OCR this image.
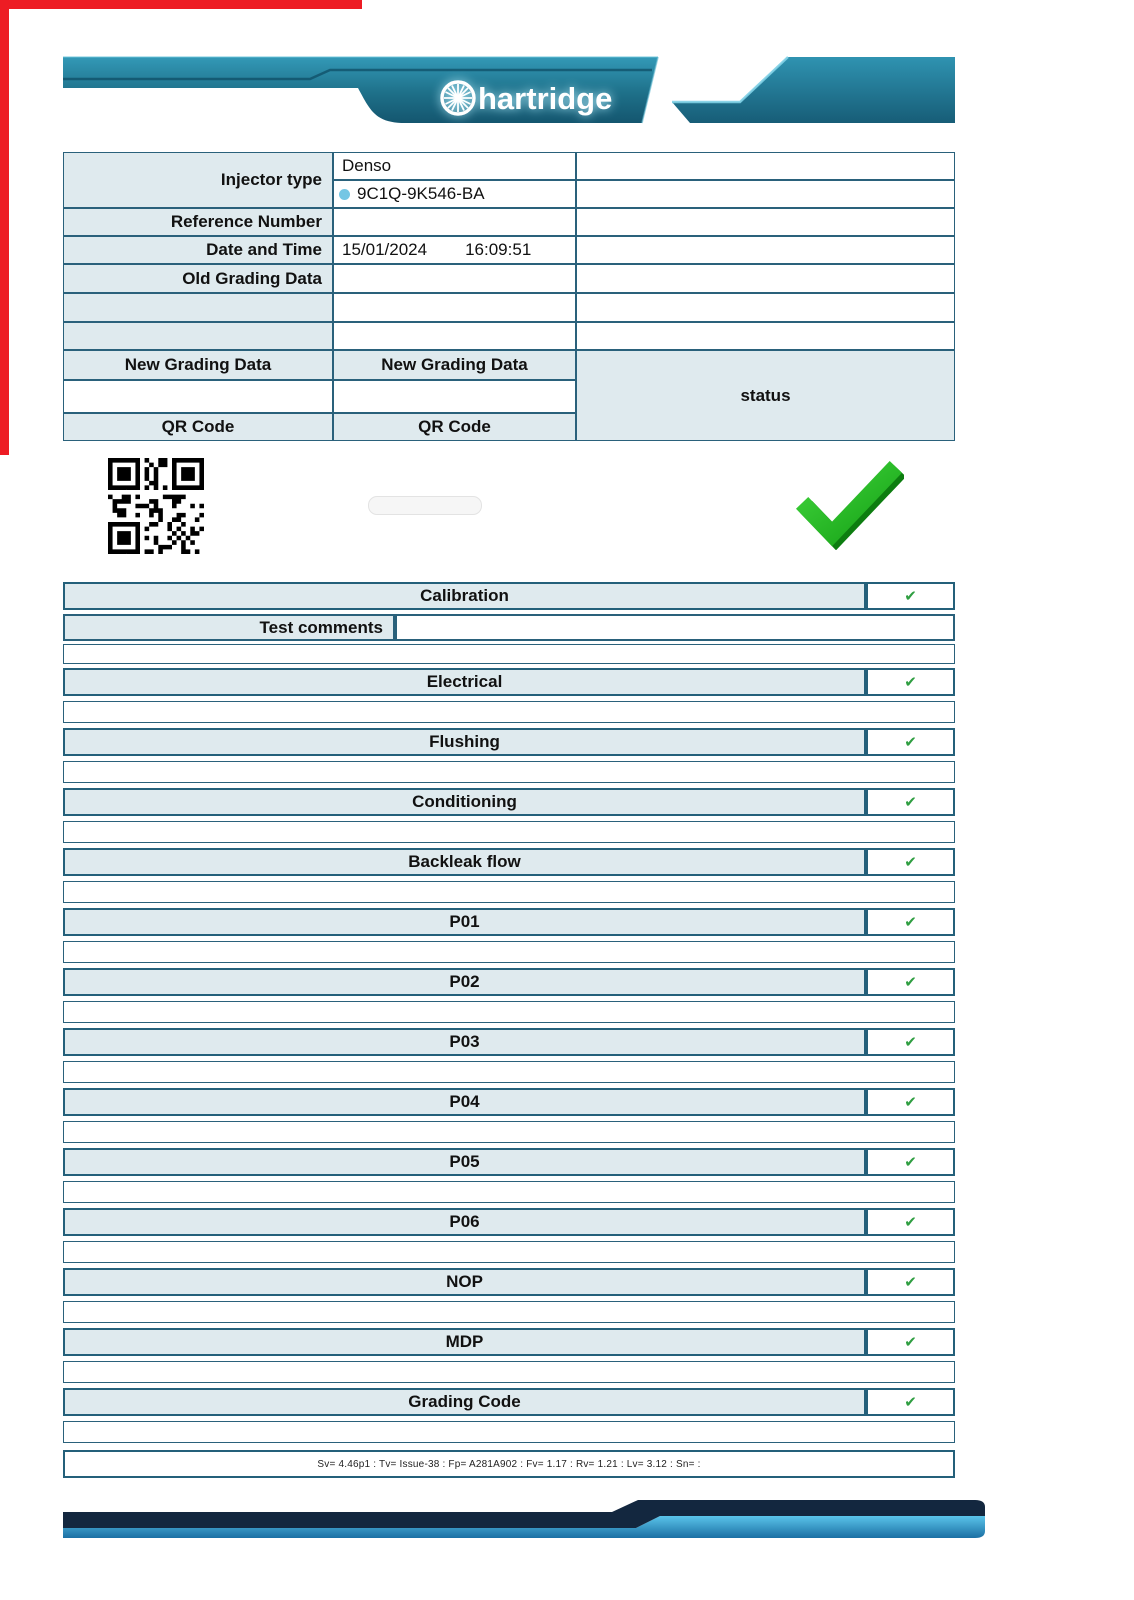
hartridge
Injector type
Denso
9C1Q-9K546-BA
Reference Number
Date and Time	15/01/2024 16:09:51
Old Grading Data
New Grading Data	New Grading Data
status
QR Code	QR Code
Calibration	✔
Test comments
Electrical	✔
Flushing	✔
Conditioning	✔
Backleak flow	✔
P01	✔
P02	✔
P03	✔
P04	✔
P05	✔
P06	✔
NOP	✔
MDP	✔
Grading Code	✔
Sv= 4.46p1 : Tv= Issue-38 : Fp= A281A902 : Fv= 1.17 : Rv= 1.21 : Lv= 3.12 : Sn= :
